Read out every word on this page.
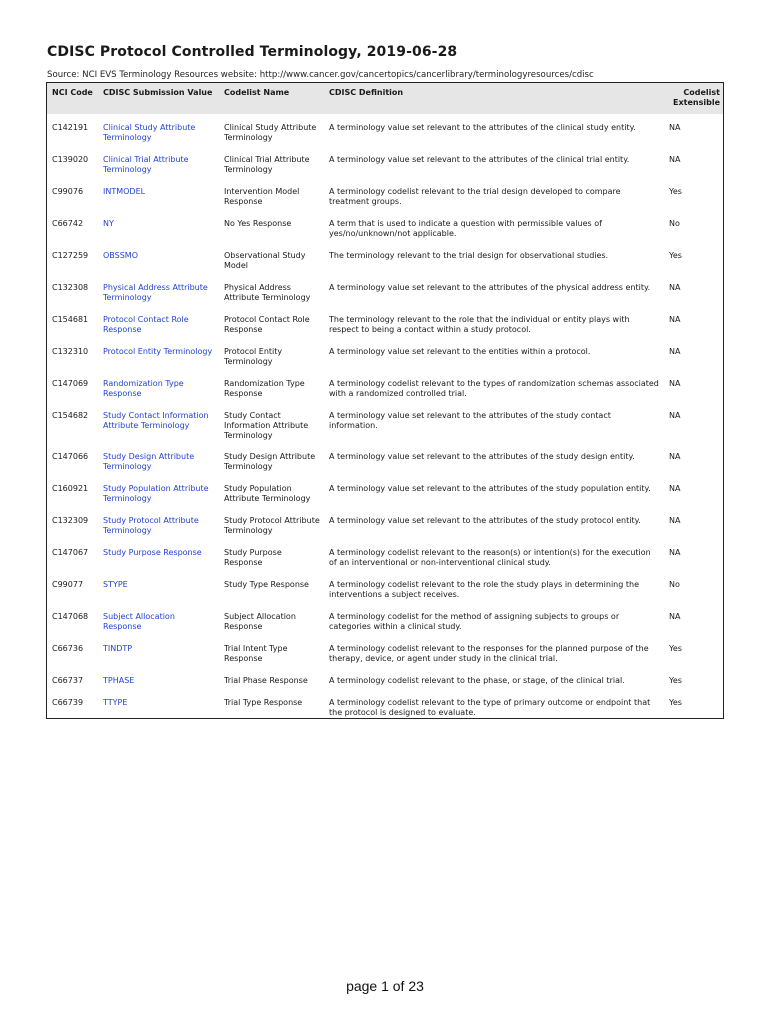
CDISC Protocol Controlled Terminology, 2019-06-28
Source: NCI EVS Terminology Resources website: http://www.cancer.gov/cancertopics/cancerlibrary/terminologyresources/cdisc
NCI Code	CDISC Submission Value	Codelist Name	CDISC Definition	Codelist Extensible
C142191	Clinical Study Attribute Terminology	Clinical Study Attribute Terminology	A terminology value set relevant to the attributes of the clinical study entity.	NA
C139020	Clinical Trial Attribute Terminology	Clinical Trial Attribute Terminology	A terminology value set relevant to the attributes of the clinical trial entity.	NA
C99076	INTMODEL	Intervention Model Response	A terminology codelist relevant to the trial design developed to compare treatment groups.	Yes
C66742	NY	No Yes Response	A term that is used to indicate a question with permissible values of yes/no/unknown/not applicable.	No
C127259	OBSSMO	Observational Study Model	The terminology relevant to the trial design for observational studies.	Yes
C132308	Physical Address Attribute Terminology	Physical Address Attribute Terminology	A terminology value set relevant to the attributes of the physical address entity.	NA
C154681	Protocol Contact Role Response	Protocol Contact Role Response	The terminology relevant to the role that the individual or entity plays with respect to being a contact within a study protocol.	NA
C132310	Protocol Entity Terminology	Protocol Entity Terminology	A terminology value set relevant to the entities within a protocol.	NA
C147069	Randomization Type Response	Randomization Type Response	A terminology codelist relevant to the types of randomization schemas associated with a randomized controlled trial.	NA
C154682	Study Contact Information Attribute Terminology	Study Contact Information Attribute Terminology	A terminology value set relevant to the attributes of the study contact information.	NA
C147066	Study Design Attribute Terminology	Study Design Attribute Terminology	A terminology value set relevant to the attributes of the study design entity.	NA
C160921	Study Population Attribute Terminology	Study Population Attribute Terminology	A terminology value set relevant to the attributes of the study population entity.	NA
C132309	Study Protocol Attribute Terminology	Study Protocol Attribute Terminology	A terminology value set relevant to the attributes of the study protocol entity.	NA
C147067	Study Purpose Response	Study Purpose Response	A terminology codelist relevant to the reason(s) or intention(s) for the execution of an interventional or non-interventional clinical study.	NA
C99077	STYPE	Study Type Response	A terminology codelist relevant to the role the study plays in determining the interventions a subject receives.	No
C147068	Subject Allocation Response	Subject Allocation Response	A terminology codelist for the method of assigning subjects to groups or categories within a clinical study.	NA
C66736	TINDTP	Trial Intent Type Response	A terminology codelist relevant to the responses for the planned purpose of the therapy, device, or agent under study in the clinical trial.	Yes
C66737	TPHASE	Trial Phase Response	A terminology codelist relevant to the phase, or stage, of the clinical trial.	Yes
C66739	TTYPE	Trial Type Response	A terminology codelist relevant to the type of primary outcome or endpoint that the protocol is designed to evaluate.	Yes
page 1 of 23
